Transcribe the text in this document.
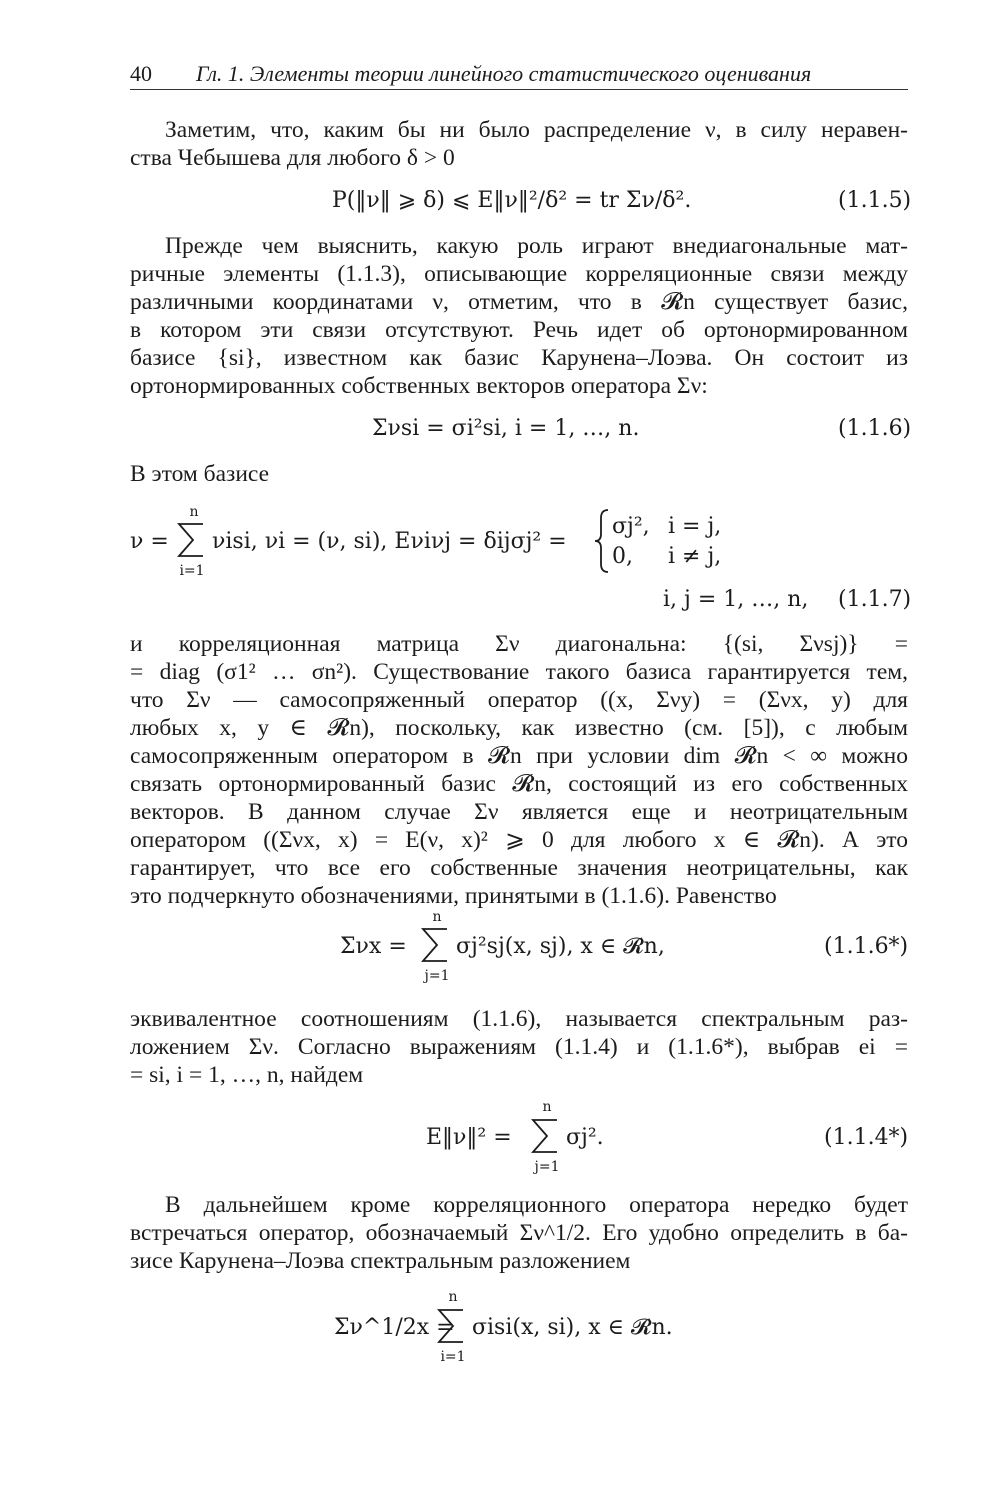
40 Гл. 1. Элементы теории линейного статистического оценивания
Заметим, что, каким бы ни было распределение ν, в силу неравен-
ства Чебышева для любого δ > 0
P(‖ν‖ ⩾ δ) ⩽ E‖ν‖²/δ² = tr Σν/δ².	(1.1.5)
Прежде чем выяснить, какую роль играют внедиагональные мат-
ричные элементы (1.1.3), описывающие корреляционные связи между
различными координатами ν, отметим, что в 𝓡n существует базис,
в котором эти связи отсутствуют. Речь идет об ортонормированном
базисе {si}, известном как базис Карунена–Лоэва. Он состоит из
ортонормированных собственных векторов оператора Σν:
Σνsi = σi²si, i = 1, …, n.	(1.1.6)
В этом базисе
ν =
n
i=1
νisi, νi = (ν, si), Eνiνj = δijσj² =
σj², i = j,
0, i ≠ j,
i, j = 1, …, n, (1.1.7)
и корреляционная матрица Σν диагональна: {(si, Σνsj)} =
= diag (σ1² … σn²). Существование такого базиса гарантируется тем,
что Σν — самосопряженный оператор ((x, Σνy) = (Σνx, y) для
любых x, y ∈ 𝓡n), поскольку, как известно (см. [5]), с любым
самосопряженным оператором в 𝓡n при условии dim 𝓡n < ∞ можно
связать ортонормированный базис 𝓡n, состоящий из его собственных
векторов. В данном случае Σν является еще и неотрицательным
оператором ((Σνx, x) = E(ν, x)² ⩾ 0 для любого x ∈ 𝓡n). А это
гарантирует, что все его собственные значения неотрицательны, как
это подчеркнуто обозначениями, принятыми в (1.1.6). Равенство
Σνx =
n
j=1
σj²sj(x, sj), x ∈ 𝓡n,	(1.1.6*)
эквивалентное соотношениям (1.1.6), называется спектральным раз-
ложением Σν. Согласно выражениям (1.1.4) и (1.1.6*), выбрав ei =
= si, i = 1, …, n, найдем
E‖ν‖² =
n
j=1
σj².	(1.1.4*)
В дальнейшем кроме корреляционного оператора нередко будет
встречаться оператор, обозначаемый Σν^1/2. Его удобно определить в ба-
зисе Карунена–Лоэва спектральным разложением
Σν^1/2x =
n
i=1
σisi(x, si), x ∈ 𝓡n.
